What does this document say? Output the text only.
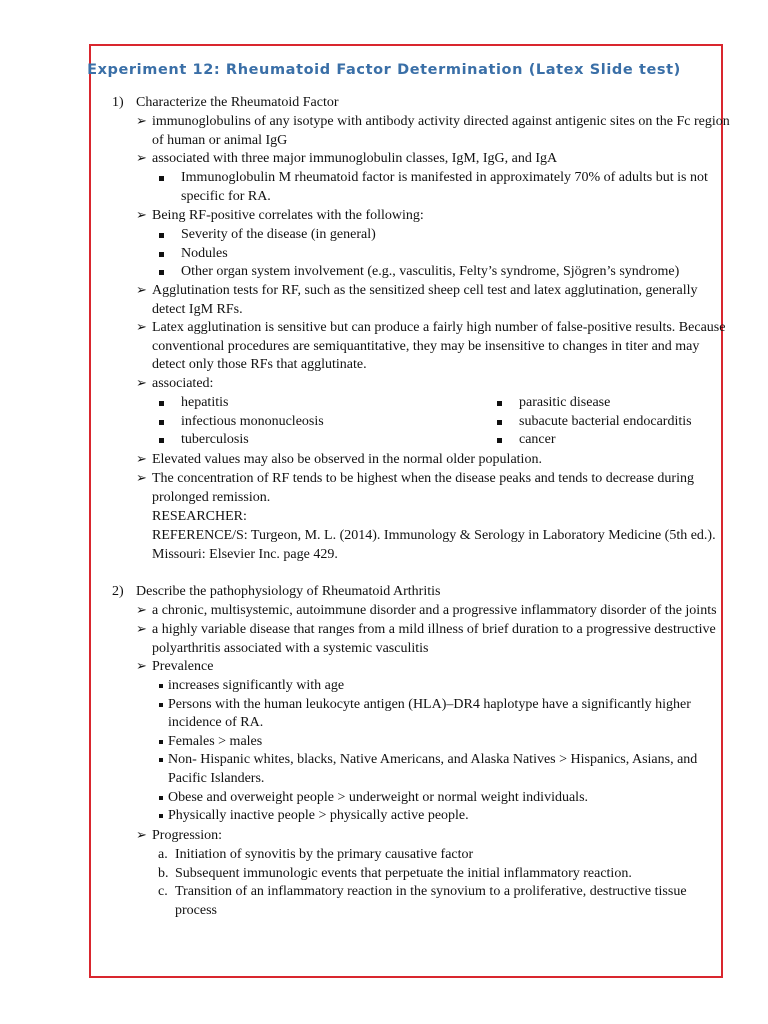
Experiment 12: Rheumatoid Factor Determination (Latex Slide test)
1) Characterize the Rheumatoid Factor
➢ immunoglobulins of any isotype with antibody activity directed against antigenic sites on the Fc region
of human or animal IgG
➢ associated with three major immunoglobulin classes, IgM, IgG, and IgA
Immunoglobulin M rheumatoid factor is manifested in approximately 70% of adults but is not
specific for RA.
➢ Being RF-positive correlates with the following:
Severity of the disease (in general)
Nodules
Other organ system involvement (e.g., vasculitis, Felty’s syndrome, Sjögren’s syndrome)
➢ Agglutination tests for RF, such as the sensitized sheep cell test and latex agglutination, generally
detect IgM RFs.
➢ Latex agglutination is sensitive but can produce a fairly high number of false-positive results. Because
conventional procedures are semiquantitative, they may be insensitive to changes in titer and may
detect only those RFs that agglutinate.
➢ associated:
hepatitis	parasitic disease
infectious mononucleosis	subacute bacterial endocarditis
tuberculosis	cancer
➢ Elevated values may also be observed in the normal older population.
➢ The concentration of RF tends to be highest when the disease peaks and tends to decrease during
prolonged remission.
RESEARCHER:
REFERENCE/S: Turgeon, M. L. (2014). Immunology & Serology in Laboratory Medicine (5th ed.).
Missouri: Elsevier Inc. page 429.
2) Describe the pathophysiology of Rheumatoid Arthritis
➢ a chronic, multisystemic, autoimmune disorder and a progressive inflammatory disorder of the joints
➢ a highly variable disease that ranges from a mild illness of brief duration to a progressive destructive
polyarthritis associated with a systemic vasculitis
➢ Prevalence
increases significantly with age
Persons with the human leukocyte antigen (HLA)–DR4 haplotype have a significantly higher
incidence of RA.
Females > males
Non- Hispanic whites, blacks, Native Americans, and Alaska Natives > Hispanics, Asians, and
Pacific Islanders.
Obese and overweight people > underweight or normal weight individuals.
Physically inactive people > physically active people.
➢ Progression:
a. Initiation of synovitis by the primary causative factor
b. Subsequent immunologic events that perpetuate the initial inflammatory reaction.
c. Transition of an inflammatory reaction in the synovium to a proliferative, destructive tissue
process
